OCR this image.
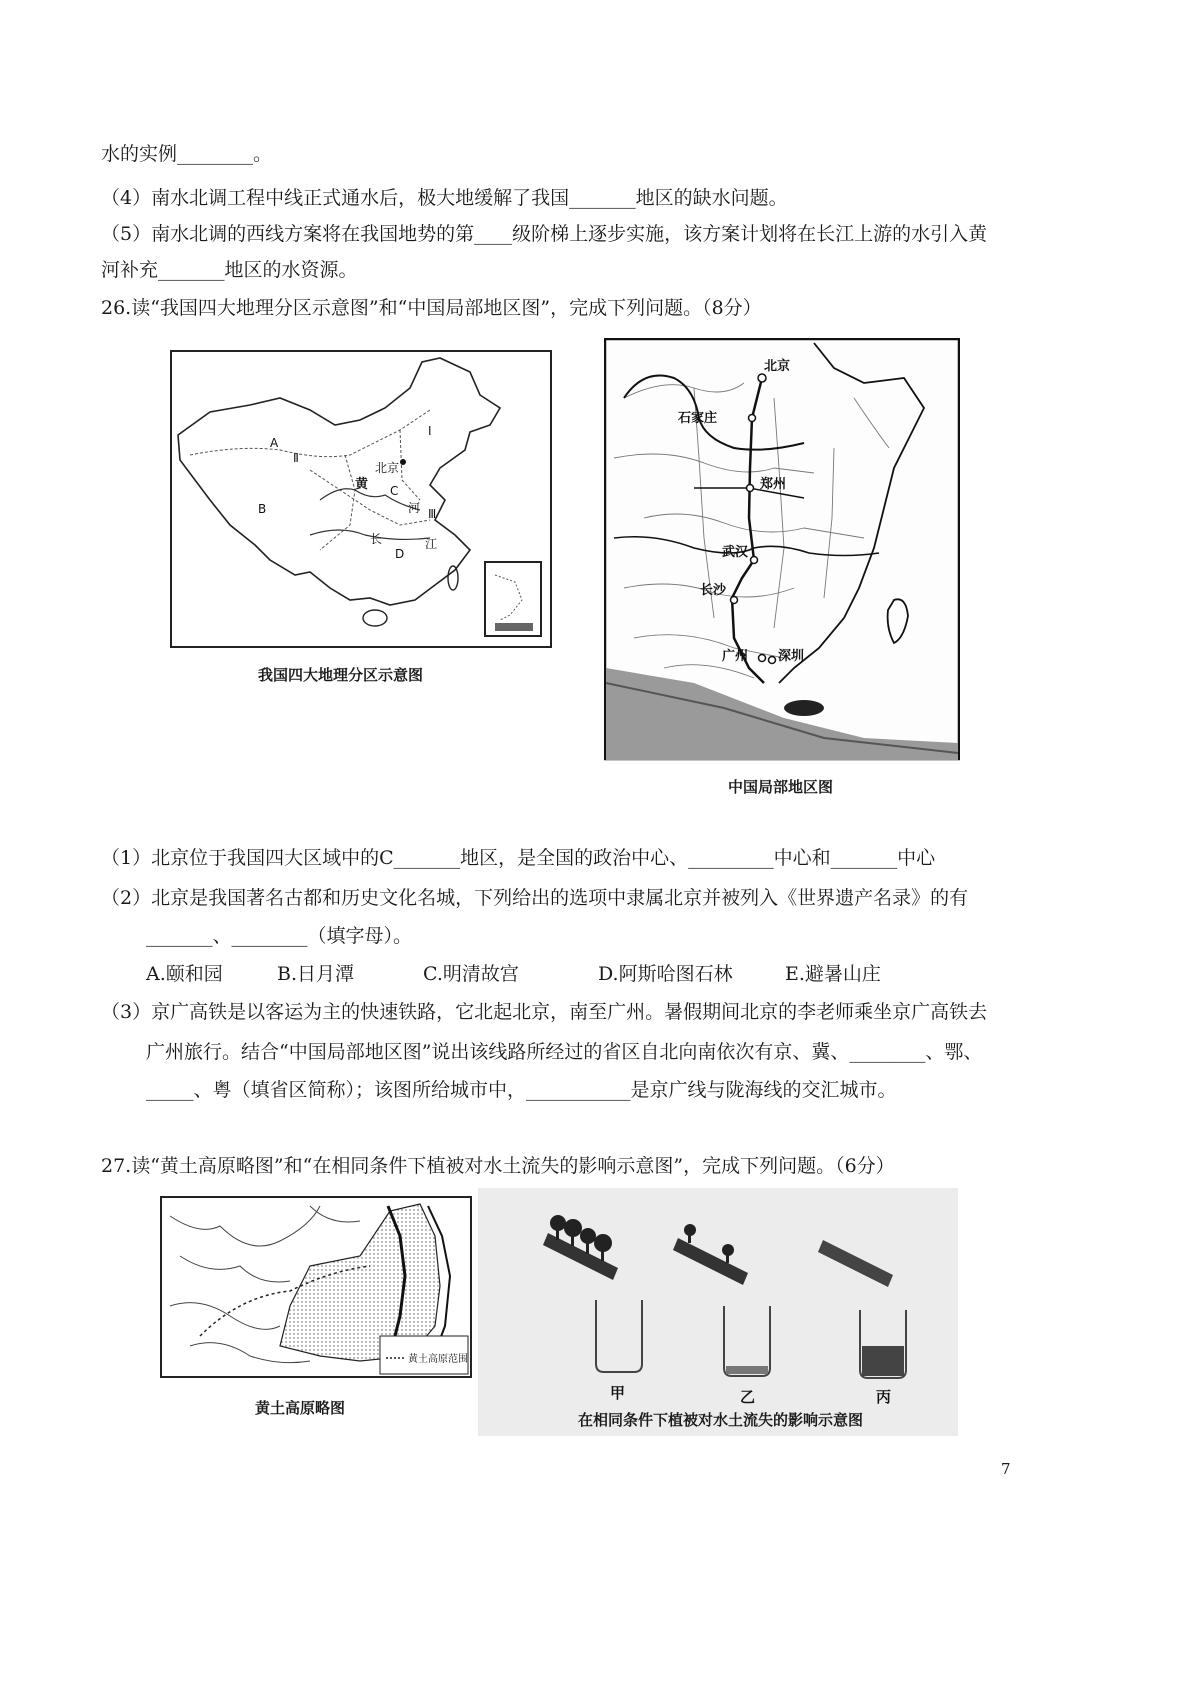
水的实例________。
（4）南水北调工程中线正式通水后，极大地缓解了我国_______地区的缺水问题。
（5）南水北调的西线方案将在我国地势的第____级阶梯上逐步实施，该方案计划将在长江上游的水引入黄
河补充_______地区的水资源。
26.读“我国四大地理分区示意图”和“中国局部地区图”，完成下列问题。（8分）
A
Ⅱ
B
Ⅰ
北京
黄 C
河 Ⅲ
长
D
江
我国四大地理分区示意图
北京
石家庄
郑州
武汉
长沙
广州 深圳
中国局部地区图
（1）北京位于我国四大区域中的C_______地区，是全国的政治中心、_________中心和_______中心
（2）北京是我国著名古都和历史文化名城，下列给出的选项中隶属北京并被列入《世界遗产名录》的有
_______、________（填字母）。
A.颐和园	B.日月潭	C.明清故宫	D.阿斯哈图石林	E.避暑山庄
（3）京广高铁是以客运为主的快速铁路，它北起北京，南至广州。暑假期间北京的李老师乘坐京广高铁去
广州旅行。结合“中国局部地区图”说出该线路所经过的省区自北向南依次有京、冀、________、鄂、
_____、粤（填省区简称）；该图所给城市中，___________是京广线与陇海线的交汇城市。
27.读“黄土高原略图”和“在相同条件下植被对水土流失的影响示意图”，完成下列问题。（6分）
黄土高原范围
黄土高原略图
甲	乙	丙
在相同条件下植被对水土流失的影响示意图
7
